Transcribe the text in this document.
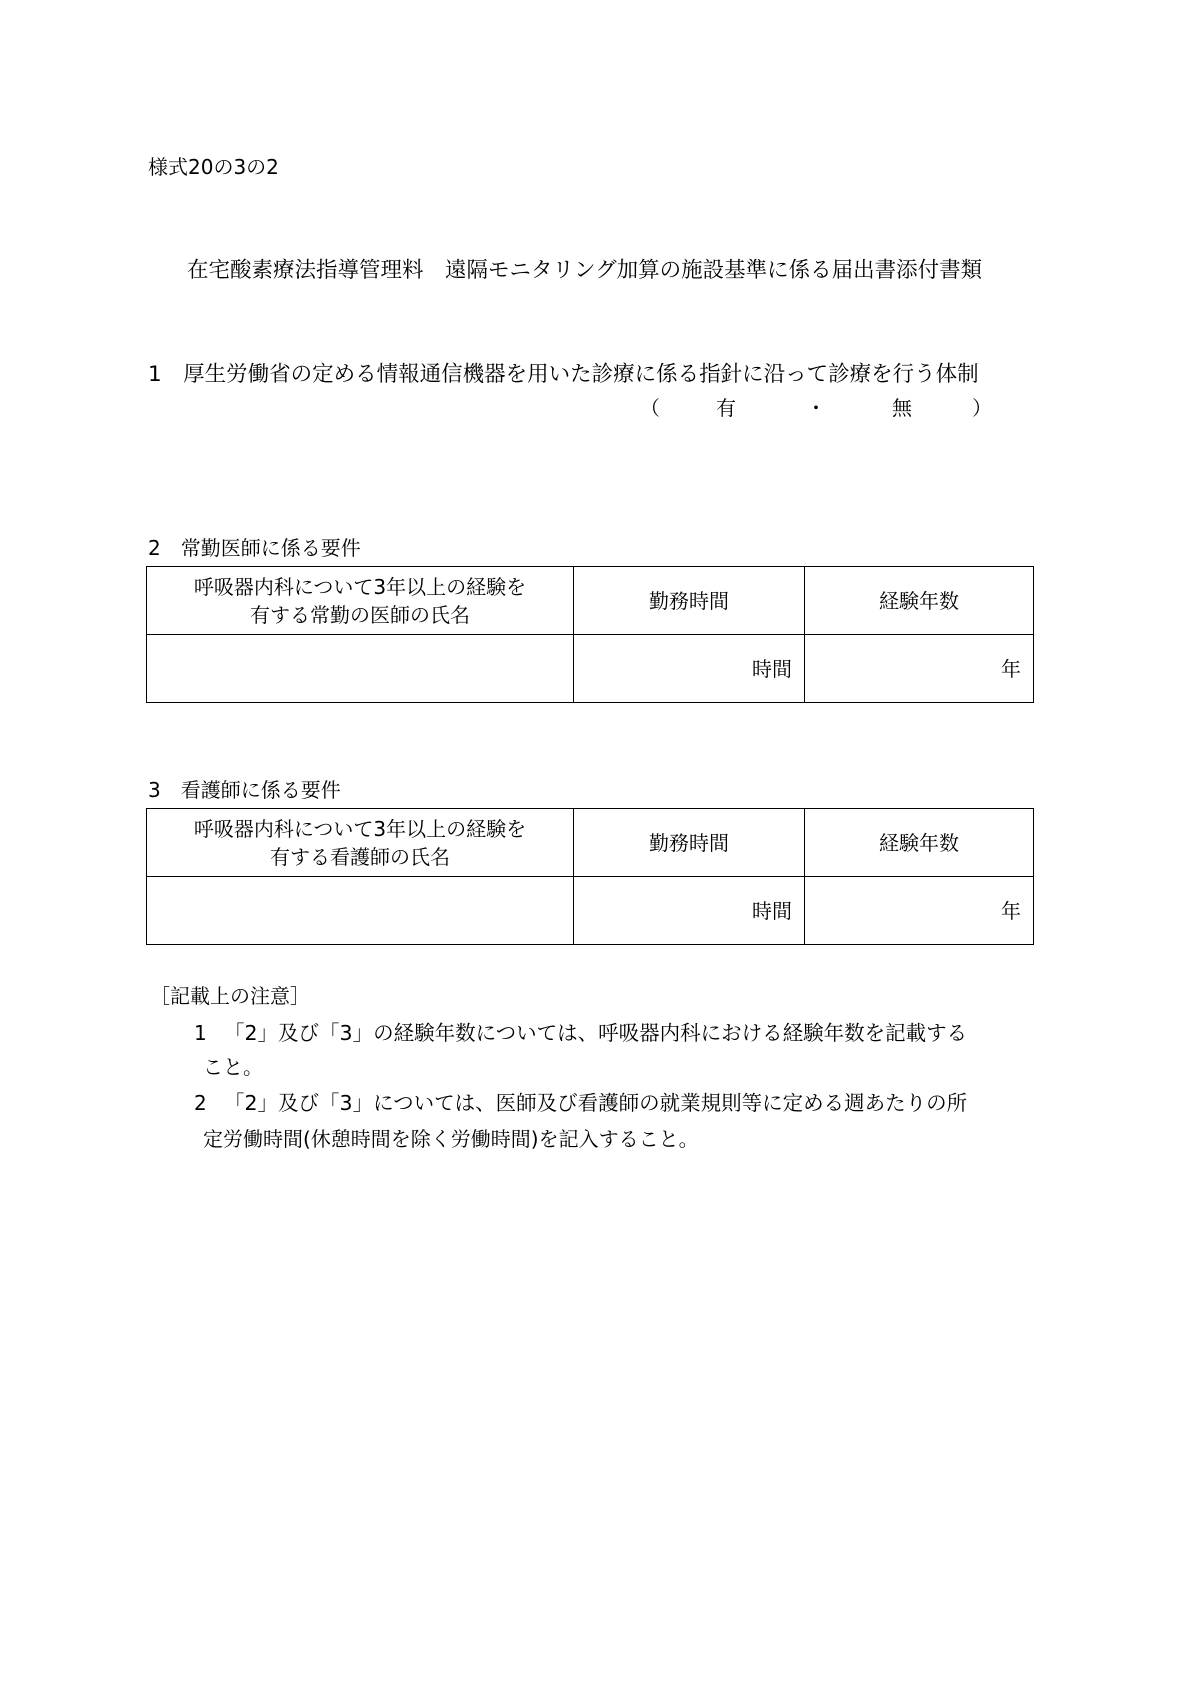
様式20の3の2
在宅酸素療法指導管理料　遠隔モニタリング加算の施設基準に係る届出書添付書類
1　厚生労働省の定める情報通信機器を用いた診療に係る指針に沿って診療を行う体制
（	有	・	無	）
2　常勤医師に係る要件
呼吸器内科について3年以上の経験を
有する常勤の医師の氏名	勤務時間	経験年数
	時間	年
3　看護師に係る要件
呼吸器内科について3年以上の経験を
有する看護師の氏名	勤務時間	経験年数
	時間	年
［記載上の注意］
1 「2」及び「3」の経験年数については、呼吸器内科における経験年数を記載する
こと。
2 「2」及び「3」については、医師及び看護師の就業規則等に定める週あたりの所
定労働時間(休憩時間を除く労働時間)を記入すること。
